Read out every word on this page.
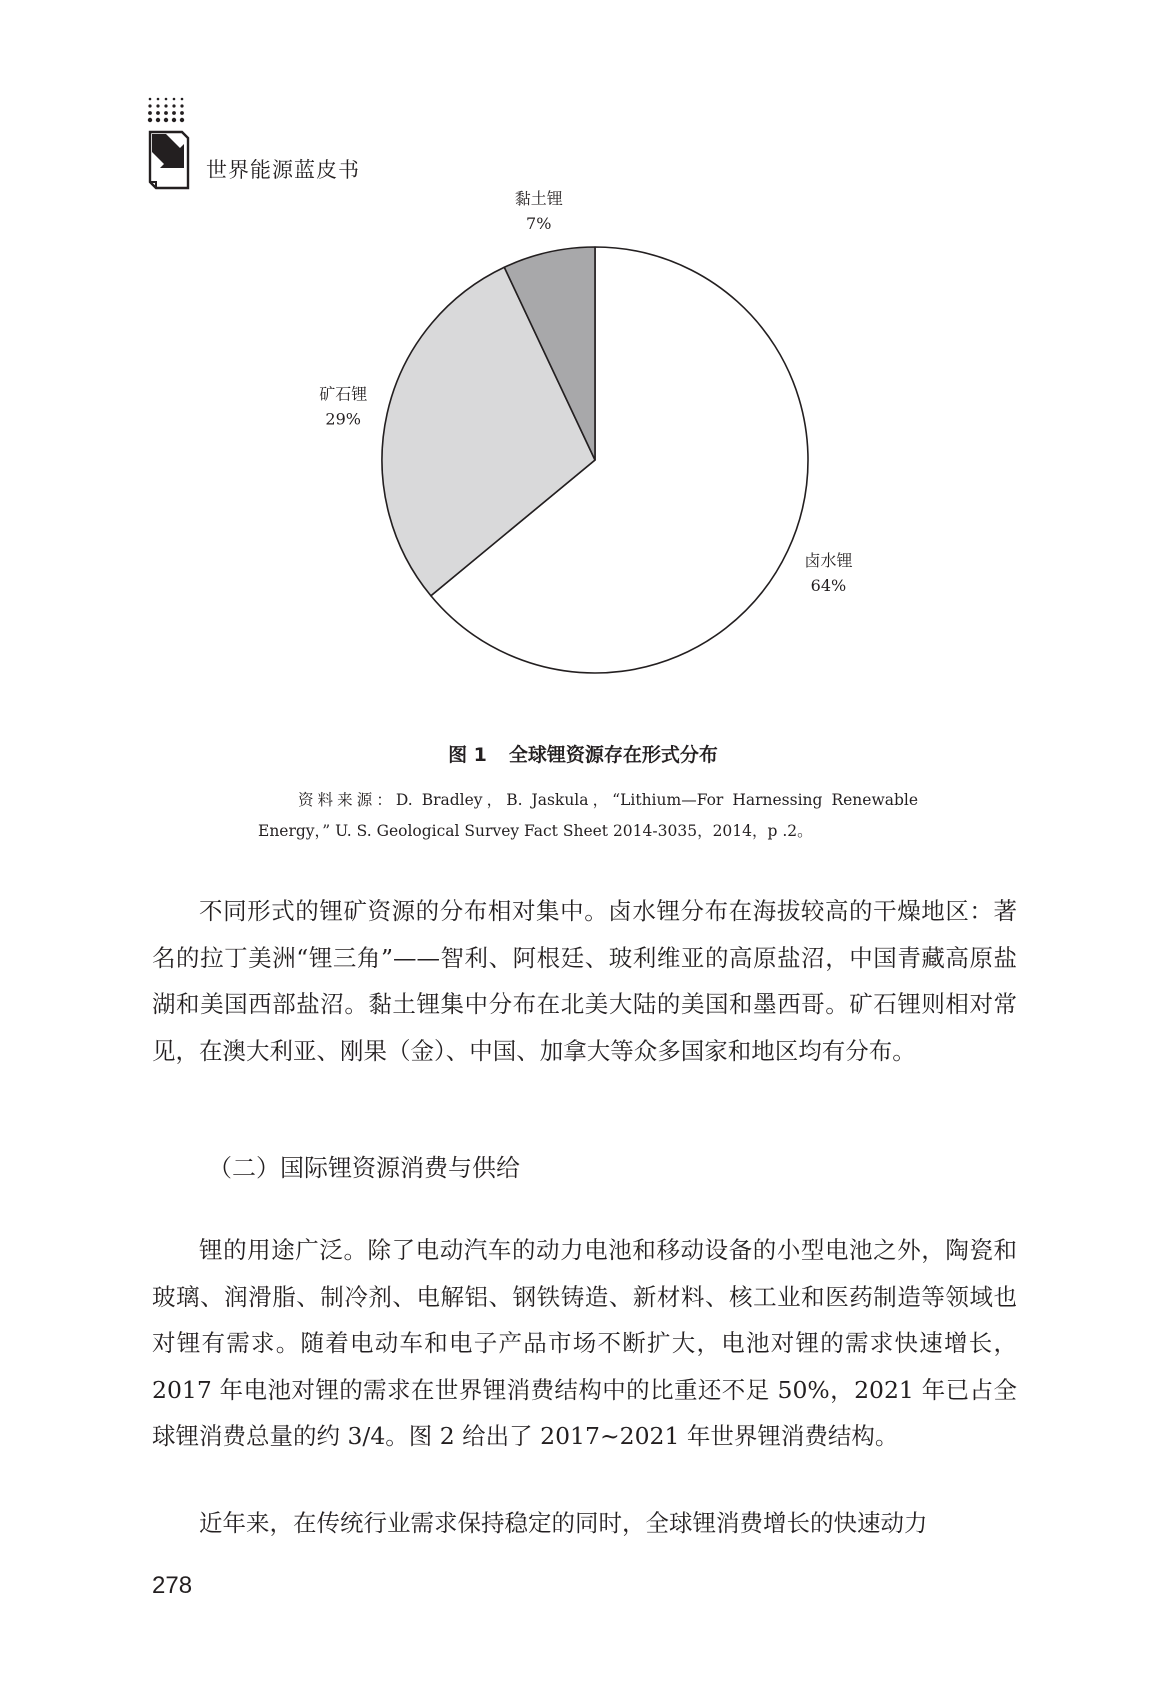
世界能源蓝皮书
卤水锂
64%
矿石锂
29%
黏土锂
7%
图 1 全球锂资源存在形式分布
资料来源：D. Bradley，B. Jaskula，“Lithium—For Harnessing Renewable
Energy，” U. S. Geological Survey Fact Sheet 2014-3035，2014，p .2。

不同形式的锂矿资源的分布相对集中。卤水锂分布在海拔较高的干燥地区：著名的拉丁美洲“锂三角”——智利、阿根廷、玻利维亚的高原盐沼，中国青藏高原盐湖和美国西部盐沼。黏土锂集中分布在北美大陆的美国和墨西哥。矿石锂则相对常见，在澳大利亚、刚果（金）、中国、加拿大等众多国家和地区均有分布。

（二）国际锂资源消费与供给

锂的用途广泛。除了电动汽车的动力电池和移动设备的小型电池之外，陶瓷和玻璃、润滑脂、制冷剂、电解铝、钢铁铸造、新材料、核工业和医药制造等领域也对锂有需求。随着电动车和电子产品市场不断扩大，电池对锂的需求快速增长，2017 年电池对锂的需求在世界锂消费结构中的比重还不足 50%，2021 年已占全球锂消费总量的约 3/4。图 2 给出了 2017~2021 年世界锂消费结构。

近年来，在传统行业需求保持稳定的同时，全球锂消费增长的快速动力

278
